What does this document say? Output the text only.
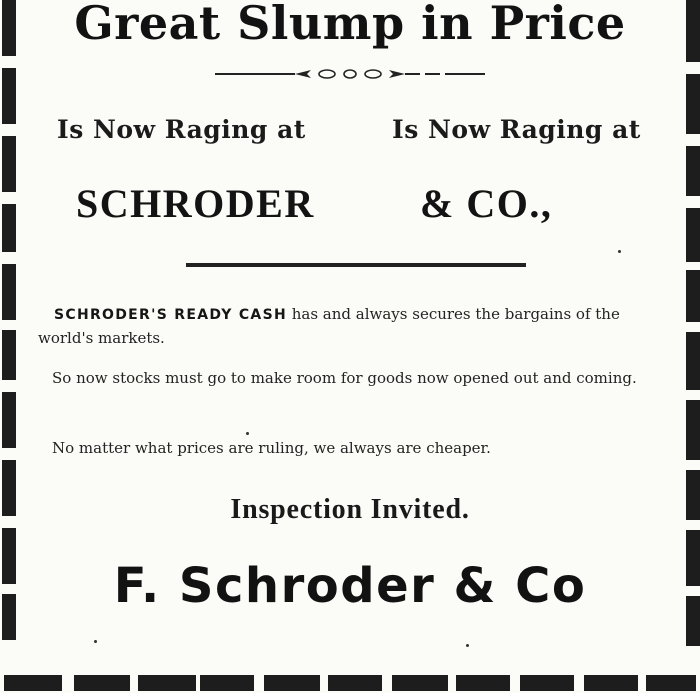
Great Slump in Price
Is Now Raging at	Is Now Raging at
SCHRODER	& CO.,
SCHRODER'S READY CASH has and always secures the bargains of the world's markets.
So now stocks must go to make room for goods now opened out and coming.
No matter what prices are ruling, we always are cheaper.
Inspection Invited.
F. Schroder & Co
